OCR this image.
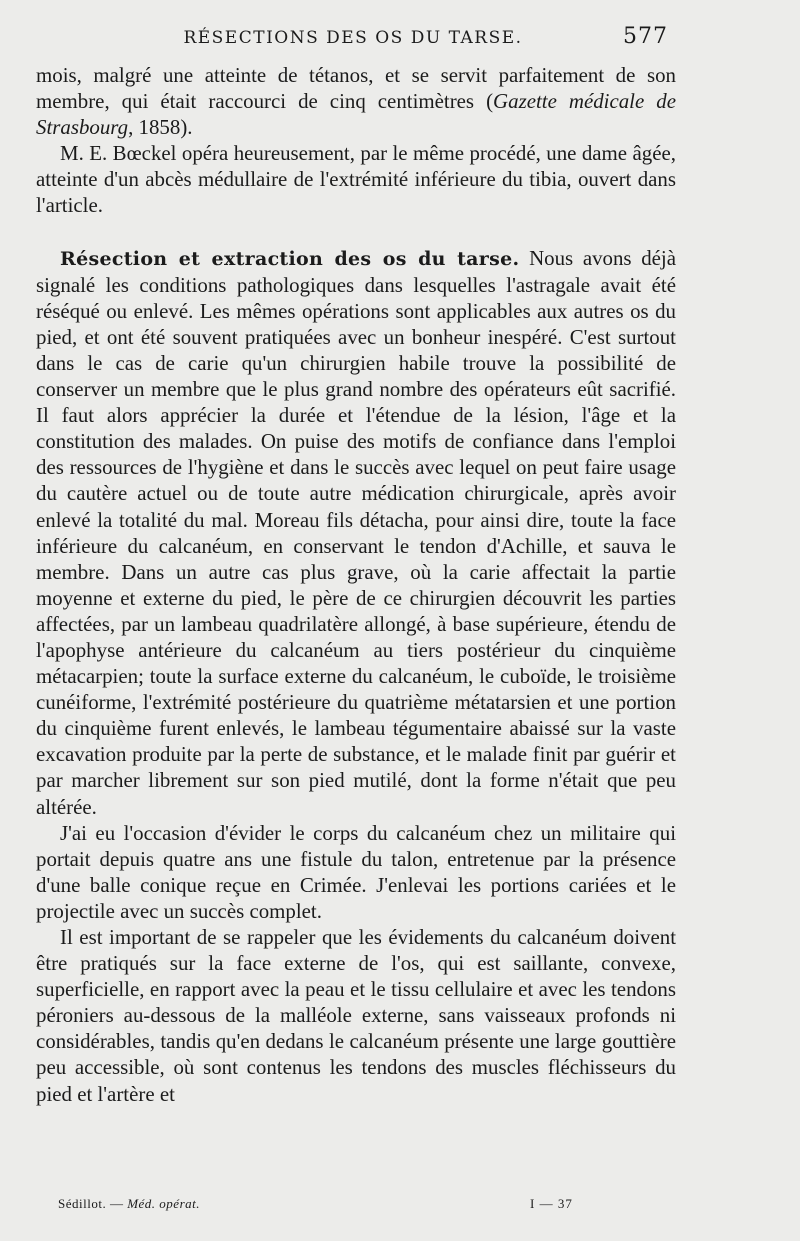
RÉSECTIONS DES OS DU TARSE.	577

mois, malgré une atteinte de tétanos, et se servit parfaitement de son membre, qui était raccourci de cinq centimètres (Gazette médicale de Strasbourg, 1858).

M. E. Bœckel opéra heureusement, par le même procédé, une dame âgée, atteinte d'un abcès médullaire de l'extrémité inférieure du tibia, ouvert dans l'article.

Résection et extraction des os du tarse. Nous avons déjà signalé les conditions pathologiques dans lesquelles l'astragale avait été réséqué ou enlevé. Les mêmes opérations sont applicables aux autres os du pied, et ont été souvent pratiquées avec un bonheur inespéré. C'est surtout dans le cas de carie qu'un chirurgien habile trouve la possibilité de conserver un membre que le plus grand nombre des opérateurs eût sacrifié. Il faut alors apprécier la durée et l'étendue de la lésion, l'âge et la constitution des malades. On puise des motifs de confiance dans l'emploi des ressources de l'hygiène et dans le succès avec lequel on peut faire usage du cautère actuel ou de toute autre médication chirurgicale, après avoir enlevé la totalité du mal. Moreau fils détacha, pour ainsi dire, toute la face inférieure du calcanéum, en conservant le tendon d'Achille, et sauva le membre. Dans un autre cas plus grave, où la carie affectait la partie moyenne et externe du pied, le père de ce chirurgien découvrit les parties affectées, par un lambeau quadrilatère allongé, à base supérieure, étendu de l'apophyse antérieure du calcanéum au tiers postérieur du cinquième métacarpien; toute la surface externe du calcanéum, le cuboïde, le troisième cunéiforme, l'extrémité postérieure du quatrième métatarsien et une portion du cinquième furent enlevés, le lambeau tégumentaire abaissé sur la vaste excavation produite par la perte de substance, et le malade finit par guérir et par marcher librement sur son pied mutilé, dont la forme n'était que peu altérée.

J'ai eu l'occasion d'évider le corps du calcanéum chez un militaire qui portait depuis quatre ans une fistule du talon, entretenue par la présence d'une balle conique reçue en Crimée. J'enlevai les portions cariées et le projectile avec un succès complet.

Il est important de se rappeler que les évidements du calcanéum doivent être pratiqués sur la face externe de l'os, qui est saillante, convexe, superficielle, en rapport avec la peau et le tissu cellulaire et avec les tendons péroniers au-dessous de la malléole externe, sans vaisseaux profonds ni considérables, tandis qu'en dedans le calcanéum présente une large gouttière peu accessible, où sont contenus les tendons des muscles fléchisseurs du pied et l'artère et

Sédillot. — Méd. opérat.	I — 37
